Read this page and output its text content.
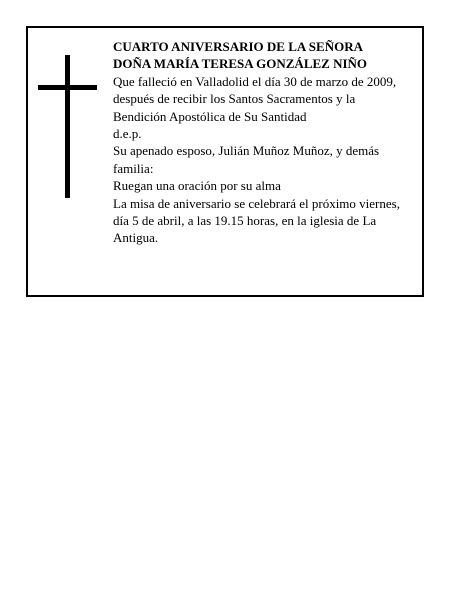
CUARTO ANIVERSARIO DE LA SEÑORA
DOÑA MARÍA TERESA GONZÁLEZ NIÑO
Que falleció en Valladolid el día 30 de marzo de 2009,
después de recibir los Santos Sacramentos y la
Bendición Apostólica de Su Santidad
d.e.p.
Su apenado esposo, Julián Muñoz Muñoz, y demás
familia:
Ruegan una oración por su alma
La misa de aniversario se celebrará el próximo viernes,
día 5 de abril, a las 19.15 horas, en la iglesia de La
Antigua.
